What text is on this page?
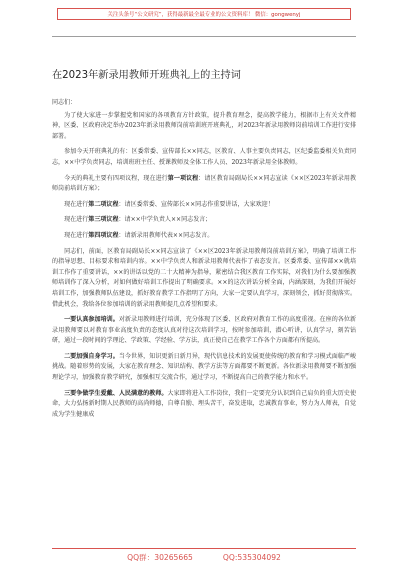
关注头条号“公文研究”，获得最新最全最专业的公文资料库！ 微信：gongwenyj
在2023年新录用教师开班典礼上的主持词

同志们：

为了使大家进一步掌握党和国家的各项教育方针政策，提升教育理念，提高教学能力，根据市上有关文件精神，区委、区政府决定举办2023年新录用教师岗前培训班开班典礼，对2023年新录用教师岗前培训工作进行安排部署。

参加今天开班典礼的有：区委常委、宣传部长××同志，区教育、人事主要负责同志，区纪委监委相关负责同志，××中学负责同志，培训班班主任、授课教师及全体工作人员、2023年新录用全体教师。

今天的典礼主要有四项议程，现在进行第一项议程：请区教育局副局长××同志宣读《××区2023年新录用教师岗前培训方案》；

现在进行第二项议程：请区委常委、宣传部长××同志作重要讲话，大家欢迎！

现在进行第三项议程：请××中学负责人××同志发言；

现在进行第四项议程：请新录用教师代表××同志发言。

同志们，前面，区教育局副局长××同志宣读了《××区2023年新录用教师岗前培训方案》，明确了培训工作的指导思想、目标要求和培训内容。××中学负责人和新录用教师代表作了表态发言。区委常委、宣传部××就培训工作作了重要讲话，××的讲话以党的二十大精神为指导，紧密结合我区教育工作实际，对我们为什么要加强教师培训作了深入分析，对如何做好培训工作提出了明确要求。××的这次讲话分析全面，内涵深刻，为我们开展好培训工作，加强教师队伍建设，抓好教育教学工作指明了方向，大家一定要认真学习，深刻领会，抓好贯彻落实。借此机会，我给各位参加培训的新录用教师提几点希望和要求。

一要认真参加培训。对新录用教师进行培训，充分体现了区委、区政府对教育工作的高度重视。在座的各位新录用教师要以对教育事业高度负责的态度认真对待这次培训学习，按时参加培训，潜心听讲，认真学习，刻苦钻研，通过一段时间的学理论、学政策、学经验、学方法，真正使自己在教学工作各个方面都有所提高。

二要加强自身学习。当今世界，知识更新日新月异，现代信息技术的发展更使传统的教育和学习模式面临严峻挑战。随着形势的发展，大家在教育理念、知识结构、教学方法等方面都要不断更新。各位新录用教师要不断加强理论学习，加强教育教学研究，加强相互交流合作，通过学习，不断提高自己的教学能力和水平。

三要争做学生爱戴、人民满意的教师。大家即将进入工作岗位，我们一定要充分认识到自己肩负的重大历史使命，大力弘扬新时期人民教师的高尚师德，自尊自励、埋头苦干，奋发进取，忠诚教育事业，努力为人师表，自觉成为学生健康成

QQ群：30265665	QQ:535304092
